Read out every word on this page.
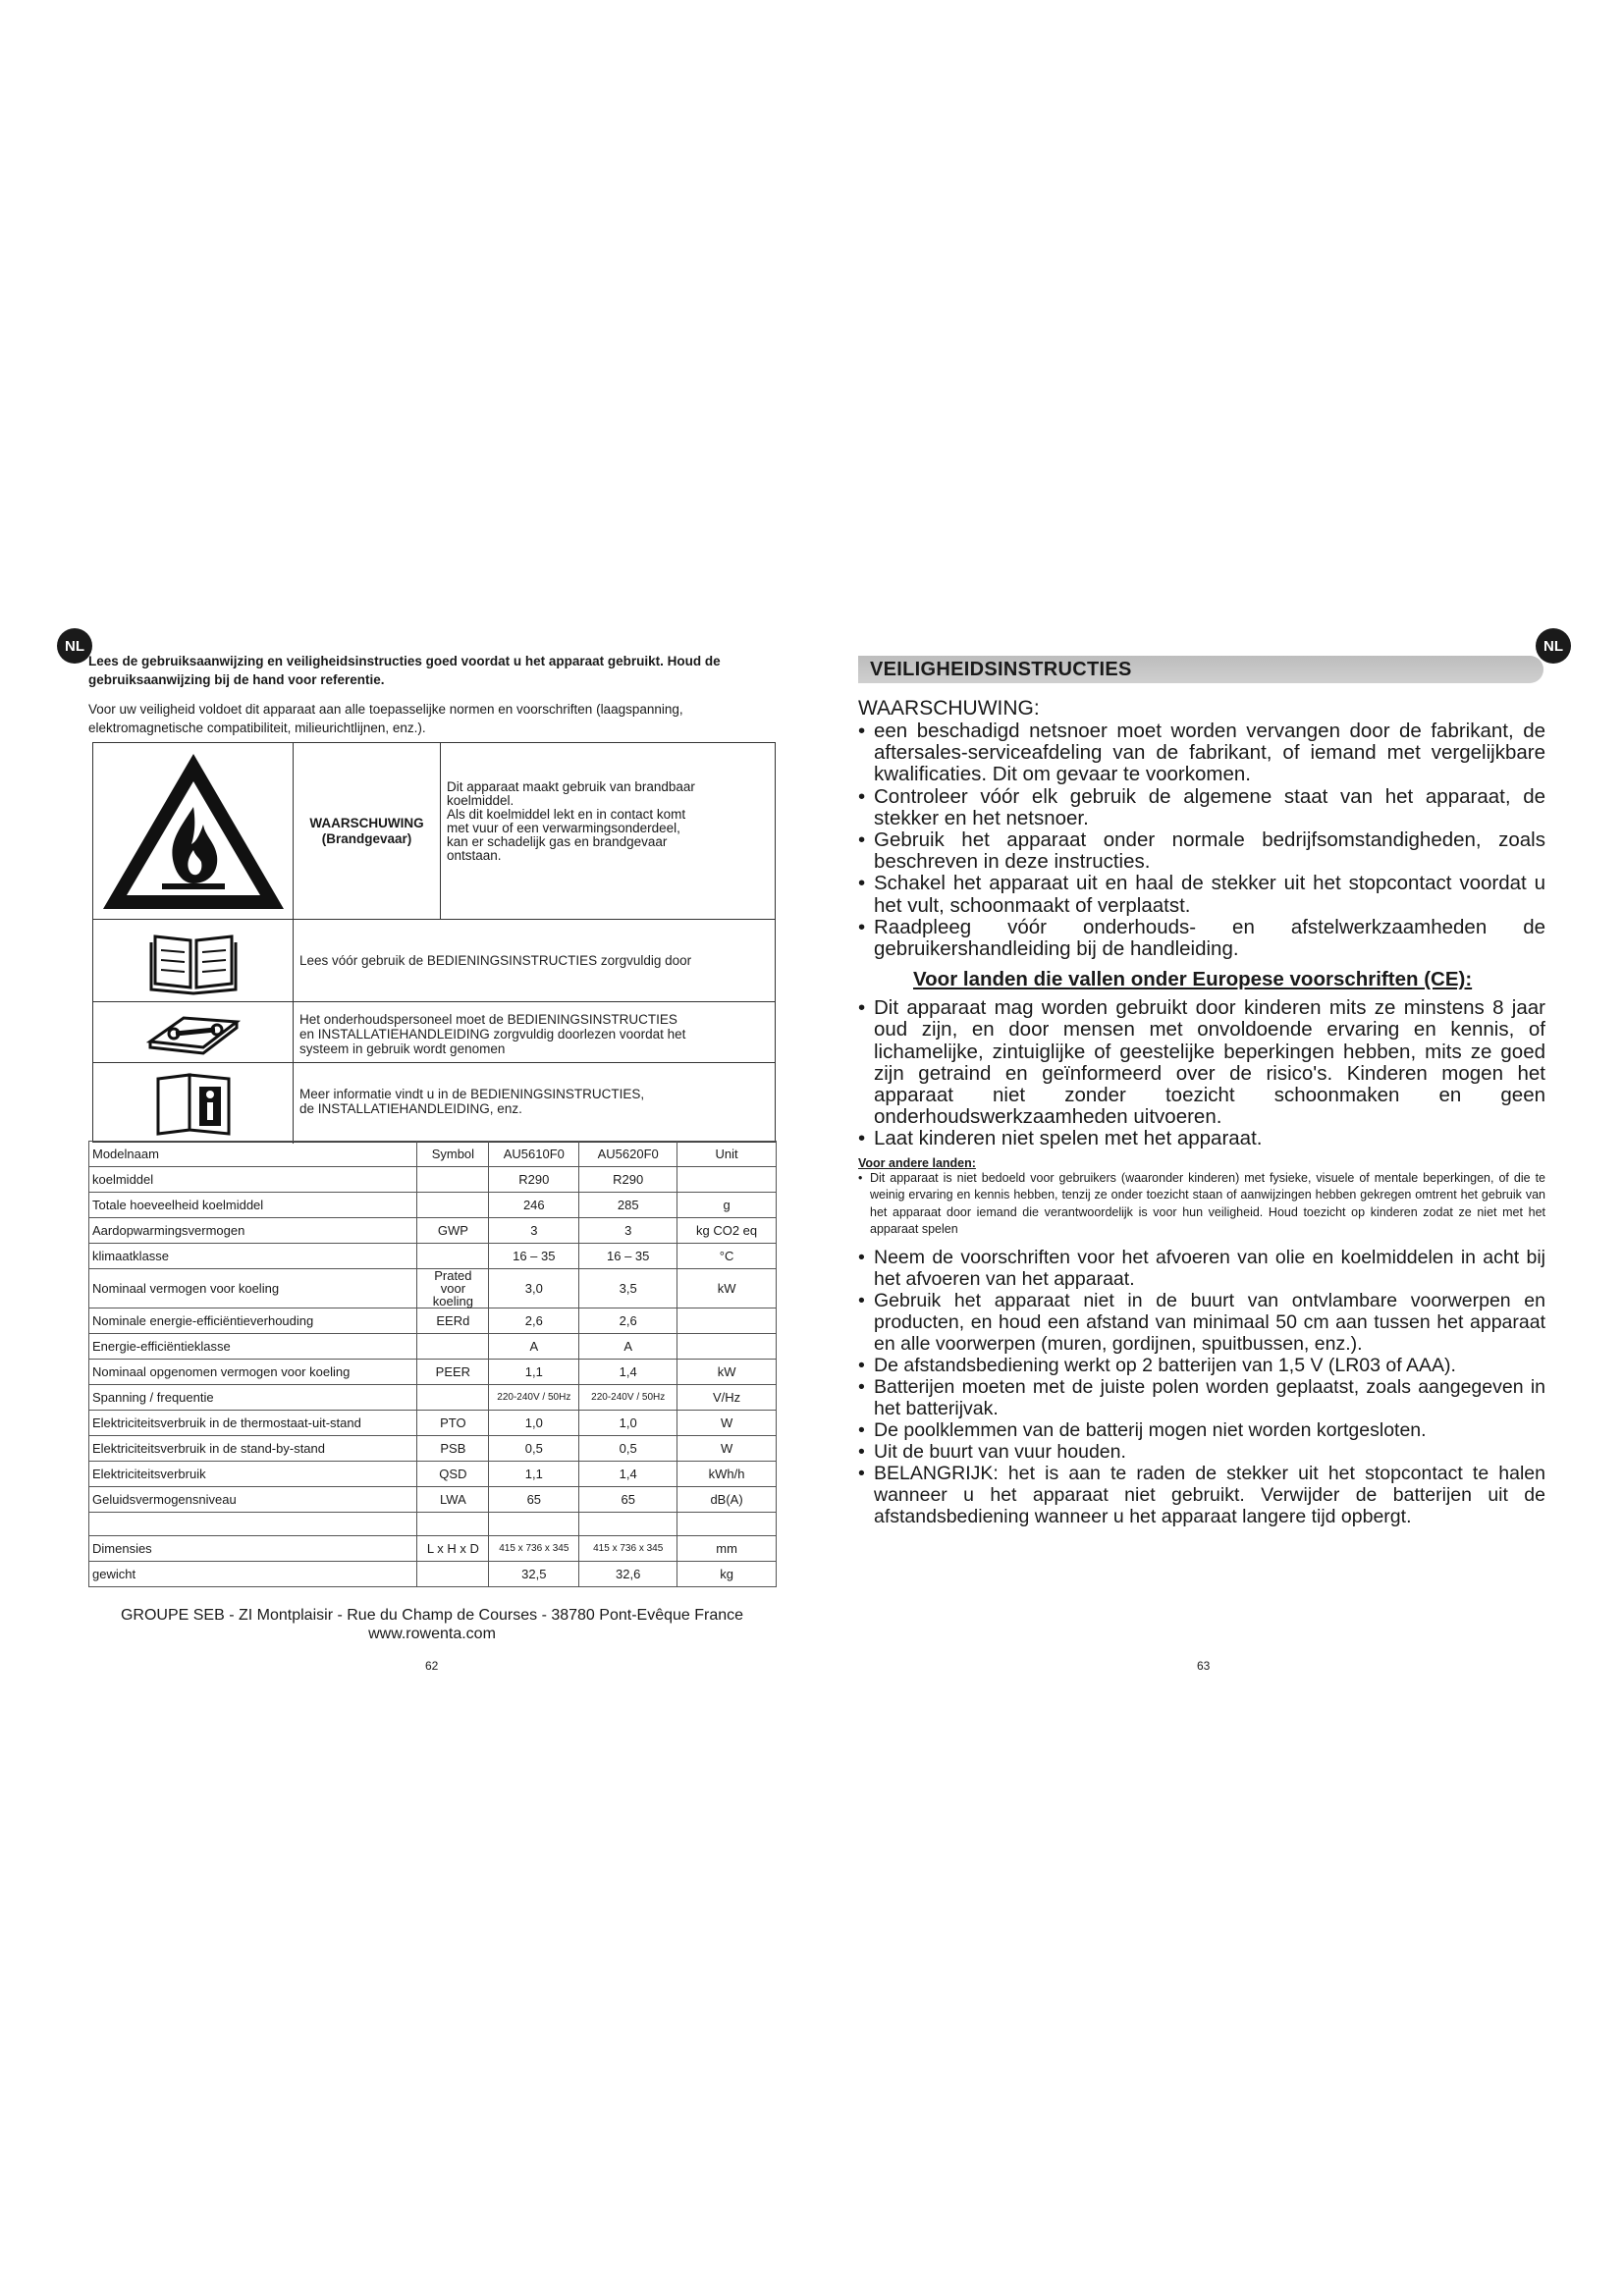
NL	NL

Lees de gebruiksaanwijzing en veiligheidsinstructies goed voordat u het apparaat gebruikt. Houd de gebruiksaanwijzing bij de hand voor referentie.

Voor uw veiligheid voldoet dit apparaat aan alle toepasselijke normen en voorschriften (laagspanning, elektromagnetische compatibiliteit, milieurichtlijnen, enz.).

WAARSCHUWING
(Brandgevaar)
Dit apparaat maakt gebruik van brandbaar
koelmiddel.
Als dit koelmiddel lekt en in contact komt
met vuur of een verwarmingsonderdeel,
kan er schadelijk gas en brandgevaar
ontstaan.
Lees vóór gebruik de BEDIENINGSINSTRUCTIES zorgvuldig door
Het onderhoudspersoneel moet de BEDIENINGSINSTRUCTIES
en INSTALLATIEHANDLEIDING zorgvuldig doorlezen voordat het
systeem in gebruik wordt genomen
Meer informatie vindt u in de BEDIENINGSINSTRUCTIES,
de INSTALLATIEHANDLEIDING, enz.
Modelnaam	Symbol	AU5610F0	AU5620F0	Unit
koelmiddel		R290	R290	
Totale hoeveelheid koelmiddel		246	285	g
Aardopwarmingsvermogen	GWP	3	3	kg CO2 eq
klimaatklasse		16 – 35	16 – 35	°C
Nominaal vermogen voor koeling	Prated voor koeling	3,0	3,5	kW
Nominale energie-efficiëntieverhouding	EERd	2,6	2,6	
Energie-efficiëntieklasse		A	A	
Nominaal opgenomen vermogen voor koeling	PEER	1,1	1,4	kW
Spanning / frequentie		220-240V / 50Hz	220-240V / 50Hz	V/Hz
Elektriciteitsverbruik in de thermostaat-uit-stand	PTO	1,0	1,0	W
Elektriciteitsverbruik in de stand-by-stand	PSB	0,5	0,5	W
Elektriciteitsverbruik	QSD	1,1	1,4	kWh/h
Geluidsvermogensniveau	LWA	65	65	dB(A)

Dimensies	L x H x D	415 x 736 x 345	415 x 736 x 345	mm
gewicht		32,5	32,6	kg
GROUPE SEB - ZI Montplaisir - Rue du Champ de Courses - 38780 Pont-Evêque France
www.rowenta.com
62
VEILIGHEIDSINSTRUCTIES
WAARSCHUWING:
• een beschadigd netsnoer moet worden vervangen door de fabrikant, de aftersales-serviceafdeling van de fabrikant, of iemand met vergelijkbare kwalificaties. Dit om gevaar te voorkomen.
• Controleer vóór elk gebruik de algemene staat van het apparaat, de stekker en het netsnoer.
• Gebruik het apparaat onder normale bedrijfsomstandigheden, zoals beschreven in deze instructies.
• Schakel het apparaat uit en haal de stekker uit het stopcontact voordat u het vult, schoonmaakt of verplaatst.
• Raadpleeg vóór onderhouds- en afstelwerkzaamheden de gebruikershandleiding bij de handleiding.
Voor landen die vallen onder Europese voorschriften (CE):
• Dit apparaat mag worden gebruikt door kinderen mits ze minstens 8 jaar oud zijn, en door mensen met onvoldoende ervaring en kennis, of lichamelijke, zintuiglijke of geestelijke beperkingen hebben, mits ze goed zijn getraind en geïnformeerd over de risico's. Kinderen mogen het apparaat niet zonder toezicht schoonmaken en geen onderhoudswerkzaamheden uitvoeren.
• Laat kinderen niet spelen met het apparaat.
Voor andere landen:
• Dit apparaat is niet bedoeld voor gebruikers (waaronder kinderen) met fysieke, visuele of mentale beperkingen, of die te weinig ervaring en kennis hebben, tenzij ze onder toezicht staan of aanwijzingen hebben gekregen omtrent het gebruik van het apparaat door iemand die verantwoordelijk is voor hun veiligheid. Houd toezicht op kinderen zodat ze niet met het apparaat spelen
• Neem de voorschriften voor het afvoeren van olie en koelmiddelen in acht bij het afvoeren van het apparaat.
• Gebruik het apparaat niet in de buurt van ontvlambare voorwerpen en producten, en houd een afstand van minimaal 50 cm aan tussen het apparaat en alle voorwerpen (muren, gordijnen, spuitbussen, enz.).
• De afstandsbediening werkt op 2 batterijen van 1,5 V (LR03 of AAA).
• Batterijen moeten met de juiste polen worden geplaatst, zoals aangegeven in het batterijvak.
• De poolklemmen van de batterij mogen niet worden kortgesloten.
• Uit de buurt van vuur houden.
• BELANGRIJK: het is aan te raden de stekker uit het stopcontact te halen wanneer u het apparaat niet gebruikt. Verwijder de batterijen uit de afstandsbediening wanneer u het apparaat langere tijd opbergt.
63
